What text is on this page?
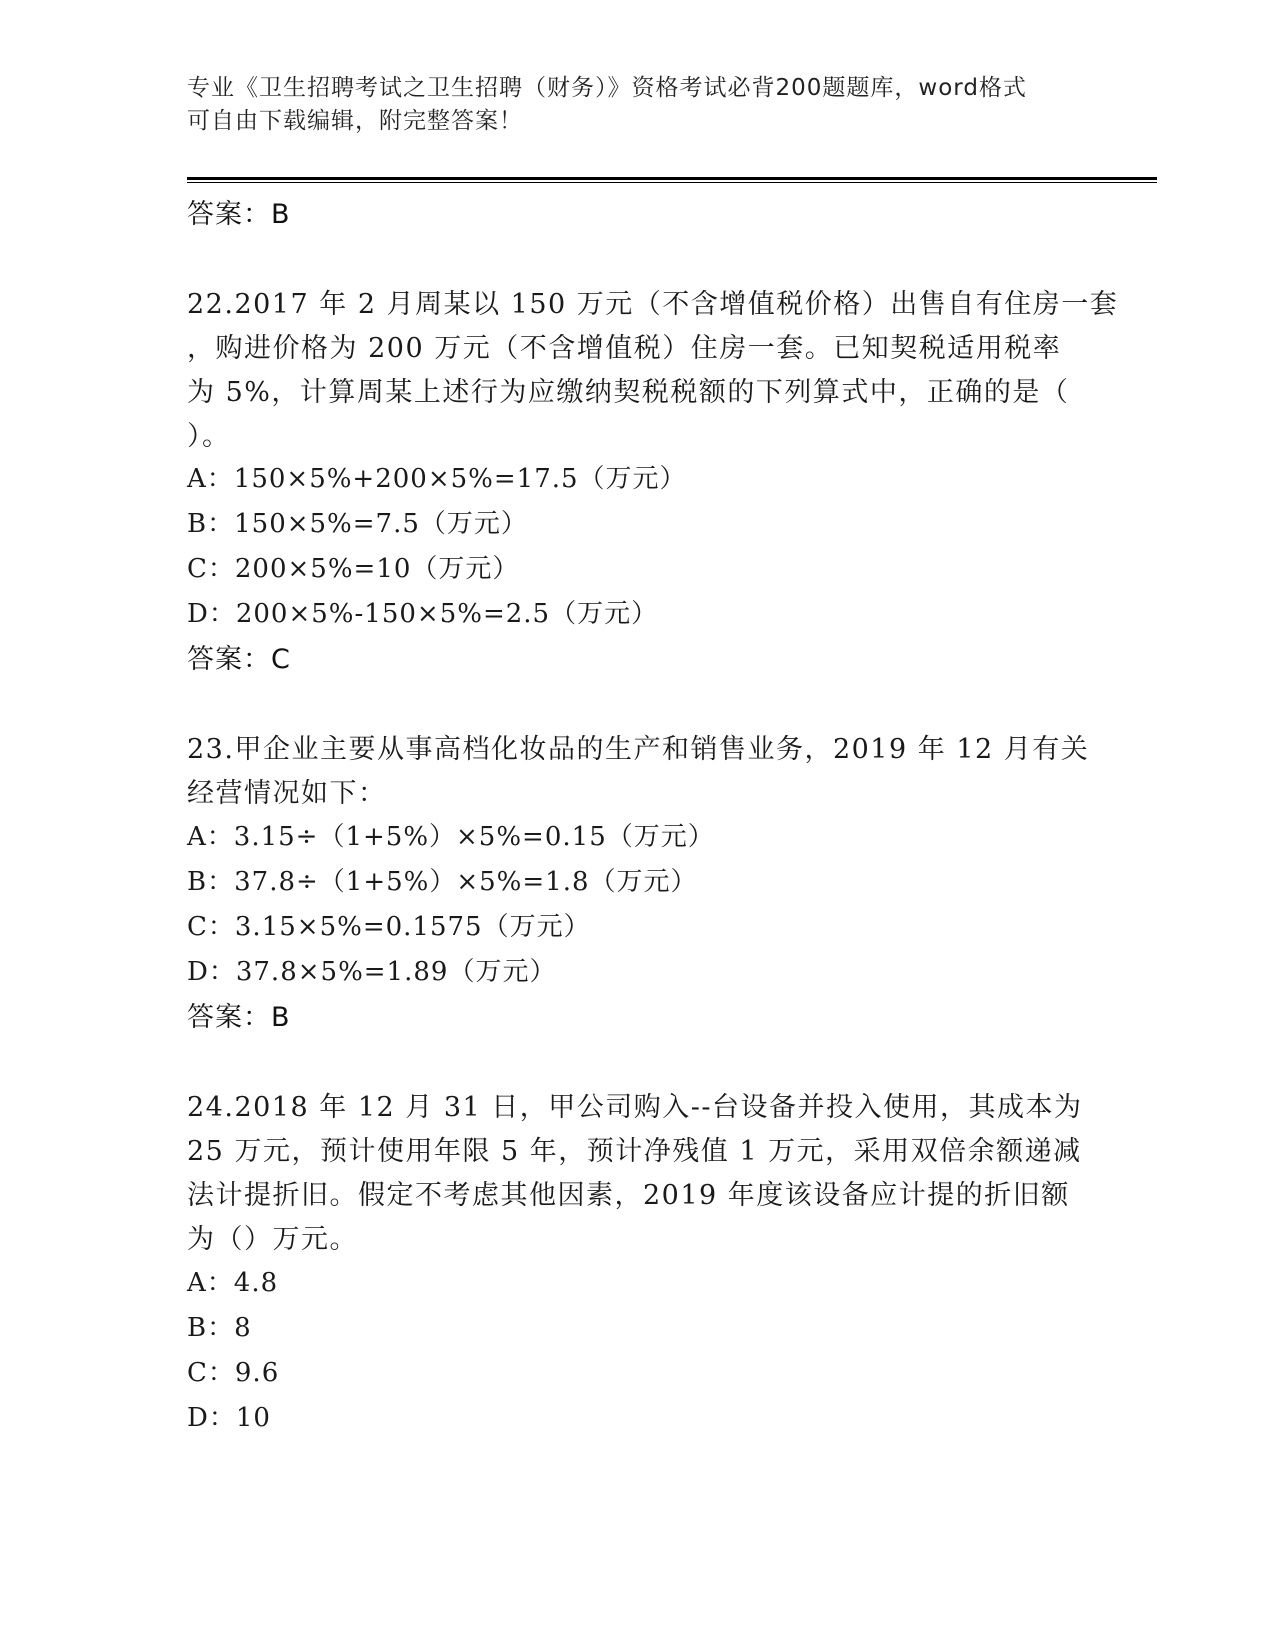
专业《卫生招聘考试之卫生招聘（财务）》资格考试必背200题题库，word格式
可自由下载编辑，附完整答案！
答案：B
22.2017 年 2 月周某以 150 万元（不含增值税价格）出售自有住房一套
，购进价格为 200 万元（不含增值税）住房一套。已知契税适用税率
为 5%，计算周某上述行为应缴纳契税税额的下列算式中，正确的是（
）。
A：150×5%+200×5%=17.5（万元）
B：150×5%=7.5（万元）
C：200×5%=10（万元）
D：200×5%-150×5%=2.5（万元）
答案：C
23.甲企业主要从事高档化妆品的生产和销售业务，2019 年 12 月有关
经营情况如下：
A：3.15÷（1+5%）×5%=0.15（万元）
B：37.8÷（1+5%）×5%=1.8（万元）
C：3.15×5%=0.1575（万元）
D：37.8×5%=1.89（万元）
答案：B
24.2018 年 12 月 31 日，甲公司购入--台设备并投入使用，其成本为
25 万元，预计使用年限 5 年，预计净残值 1 万元，采用双倍余额递减
法计提折旧。假定不考虑其他因素，2019 年度该设备应计提的折旧额
为（）万元。
A：4.8
B：8
C：9.6
D：10
